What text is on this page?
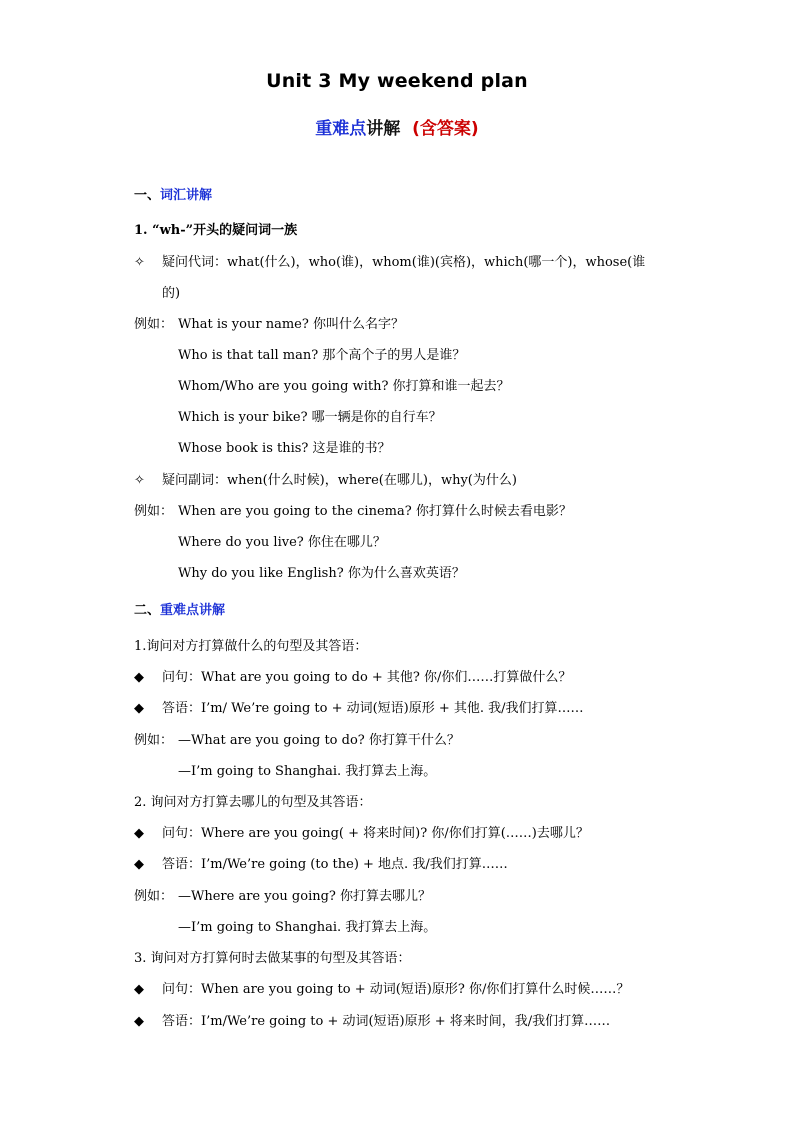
Unit 3 My weekend plan
重难点讲解 (含答案)
一、词汇讲解
1. “wh-”开头的疑问词一族
✧ 疑问代词：what(什么)，who(谁)，whom(谁)(宾格)，which(哪一个)，whose(谁
的)
例如： What is your name? 你叫什么名字？
Who is that tall man? 那个高个子的男人是谁？
Whom/Who are you going with? 你打算和谁一起去？
Which is your bike? 哪一辆是你的自行车？
Whose book is this? 这是谁的书？
✧ 疑问副词：when(什么时候)，where(在哪儿)，why(为什么)
例如： When are you going to the cinema? 你打算什么时候去看电影？
Where do you live? 你住在哪儿？
Why do you like English? 你为什么喜欢英语？
二、重难点讲解
1.询问对方打算做什么的句型及其答语：
◆ 问句：What are you going to do + 其他? 你/你们……打算做什么？
◆ 答语：I’m/ We’re going to + 动词(短语)原形 + 其他. 我/我们打算……
例如： —What are you going to do? 你打算干什么？
—I’m going to Shanghai. 我打算去上海。
2. 询问对方打算去哪儿的句型及其答语：
◆ 问句：Where are you going( + 将来时间)? 你/你们打算(……)去哪儿？
◆ 答语：I’m/We’re going (to the) + 地点. 我/我们打算……
例如： —Where are you going? 你打算去哪儿？
—I’m going to Shanghai. 我打算去上海。
3. 询问对方打算何时去做某事的句型及其答语：
◆ 问句：When are you going to + 动词(短语)原形? 你/你们打算什么时候……？
◆ 答语：I’m/We’re going to + 动词(短语)原形 + 将来时间，我/我们打算……
